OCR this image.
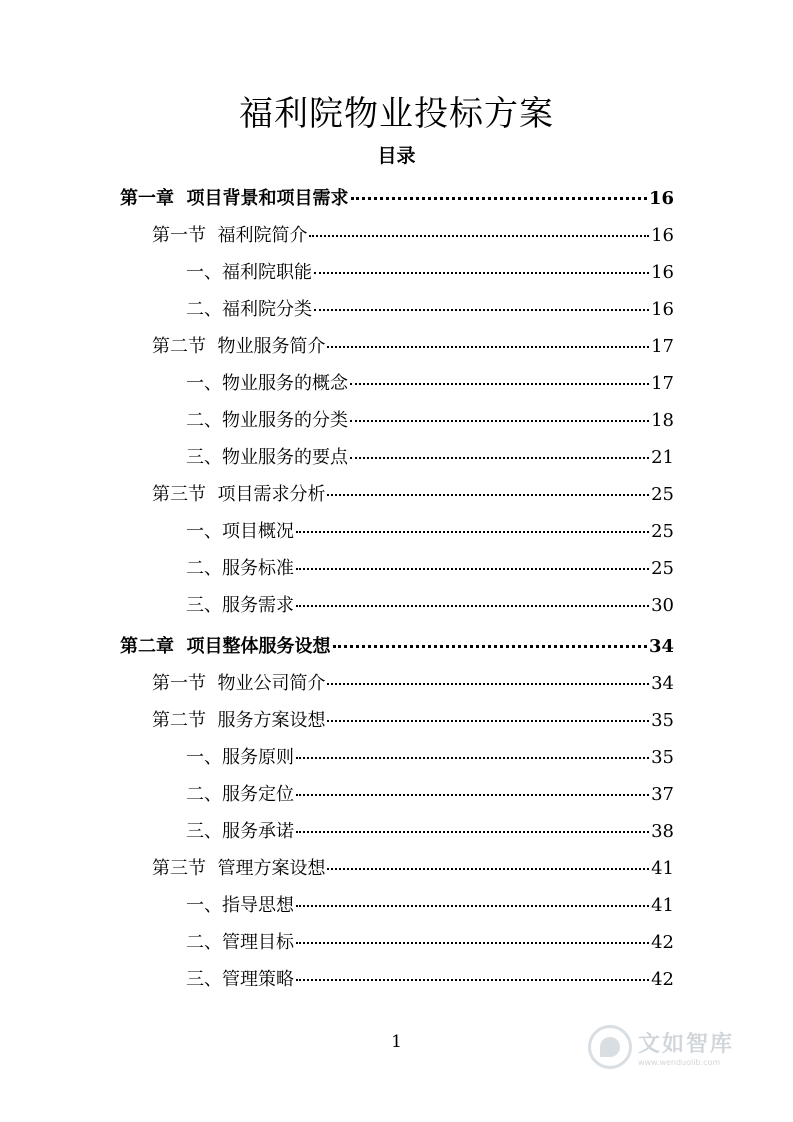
福利院物业投标方案
目录
第一章  项目背景和项目需求	16
第一节  福利院简介	16
一、福利院职能	16
二、福利院分类	16
第二节  物业服务简介	17
一、物业服务的概念	17
二、物业服务的分类	18
三、物业服务的要点	21
第三节  项目需求分析	25
一、项目概况	25
二、服务标准	25
三、服务需求	30
第二章  项目整体服务设想	34
第一节  物业公司简介	34
第二节  服务方案设想	35
一、服务原则	35
二、服务定位	37
三、服务承诺	38
第三节  管理方案设想	41
一、指导思想	41
二、管理目标	42
三、管理策略	42
1	文如智库
www.wenduolib.com
